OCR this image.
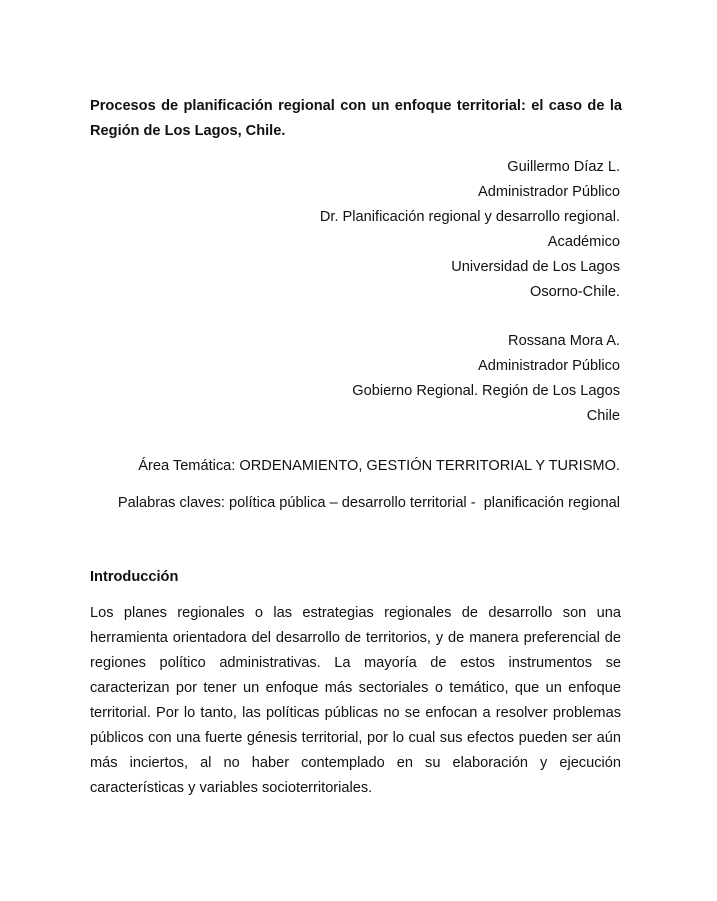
Procesos de planificación regional con un enfoque territorial: el caso de la Región de Los Lagos, Chile.
Guillermo Díaz L.
Administrador Público
Dr. Planificación regional y desarrollo regional.
Académico
Universidad de Los Lagos
Osorno-Chile.
Rossana Mora A.
Administrador Público
Gobierno Regional. Región de Los Lagos
Chile
Área Temática: ORDENAMIENTO, GESTIÓN TERRITORIAL Y TURISMO.
Palabras claves: política pública – desarrollo territorial -  planificación regional
Introducción
Los planes regionales o las estrategias regionales de desarrollo son una
herramienta orientadora del desarrollo de territorios, y de manera preferencial de
regiones político administrativas. La mayoría de estos instrumentos se
caracterizan por tener un enfoque más sectoriales o temático, que un enfoque
territorial. Por lo tanto, las políticas públicas no se enfocan a resolver problemas
públicos con una fuerte génesis territorial, por lo cual sus efectos pueden ser aún
más inciertos, al no haber contemplado en su elaboración y ejecución
características y variables socioterritoriales.
